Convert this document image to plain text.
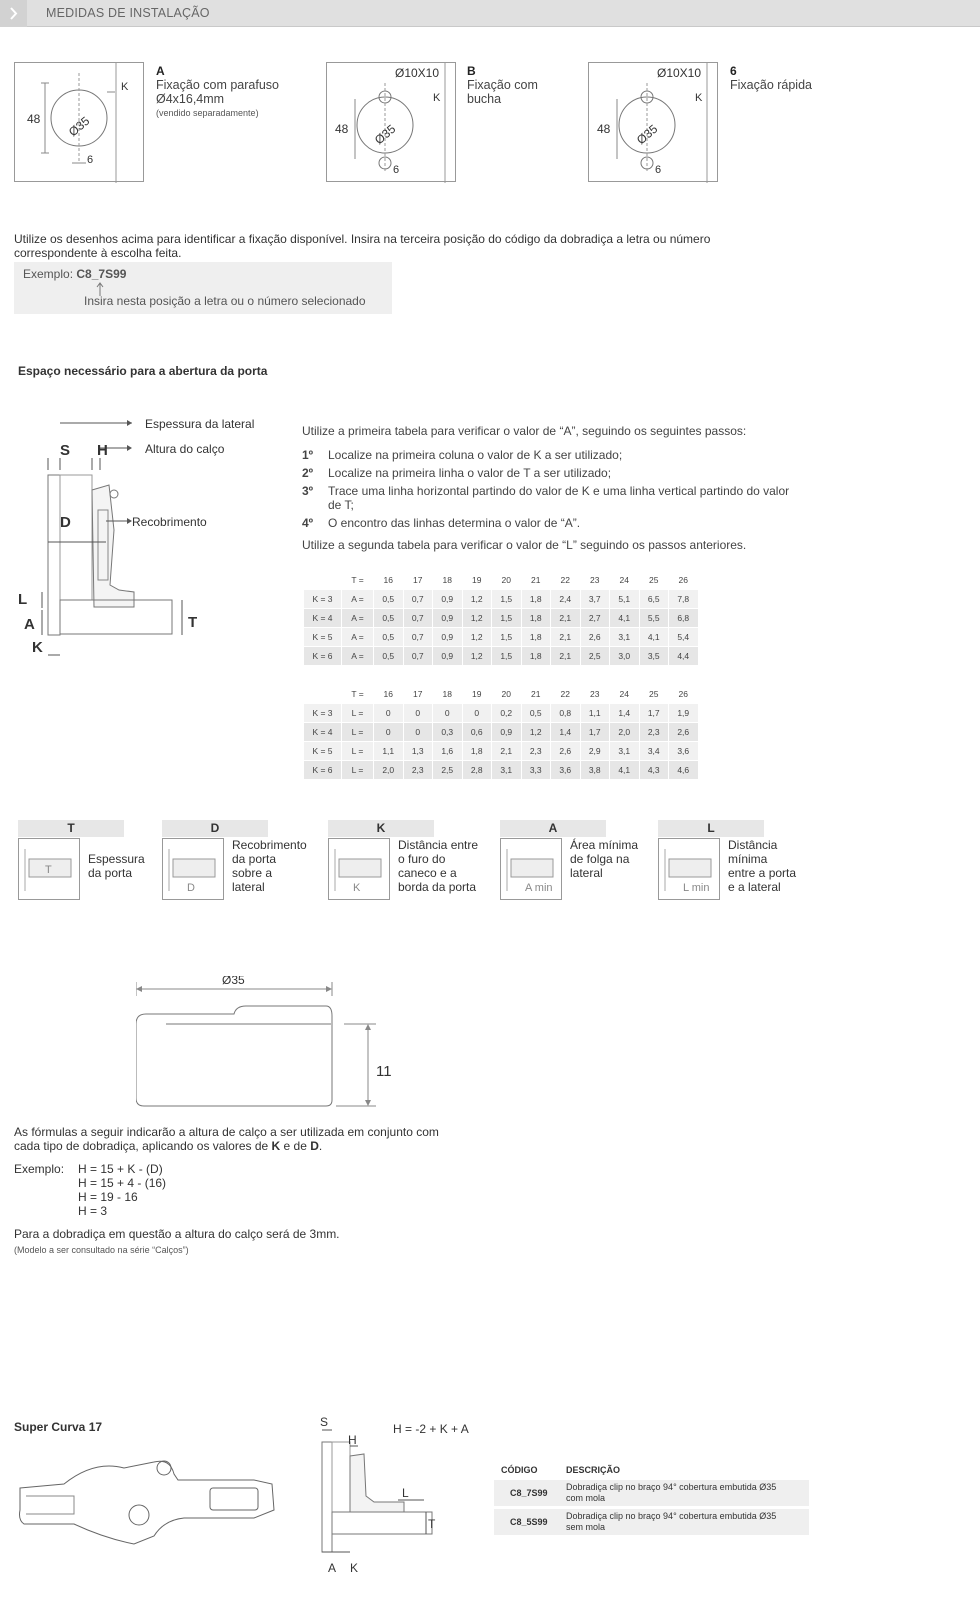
MEDIDAS DE INSTALAÇÃO
48 Ø35
K
6
A
Fixação com parafuso
Ø4x16,4mm
(vendido separadamente)
Ø10X10
48 Ø35
K
6
B
Fixação com
bucha
Ø10X10
48 Ø35
K
6
6
Fixação rápida
Utilize os desenhos acima para identificar a fixação disponível. Insira na terceira posição do código da dobradiça a letra ou número
correspondente à escolha feita.
Exemplo: C8_7S99
Insira nesta posição a letra ou o número selecionado
Espaço necessário para a abertura da porta
S H
D
L
A
K
T
Espessura da lateral
Altura do calço
Recobrimento
Utilize a primeira tabela para verificar o valor de “A”, seguindo os seguintes passos:
1º	Localize na primeira coluna o valor de K a ser utilizado;
2º	Localize na primeira linha o valor de T a ser utilizado;
3º	Trace uma linha horizontal partindo do valor de K e uma linha vertical partindo do valor de T;
4º	O encontro das linhas determina o valor de “A”.
Utilize a segunda tabela para verificar o valor de “L” seguindo os passos anteriores.
	T =	16	17	18	19	20	21	22	23	24	25	26
K = 3	A =	0,5	0,7	0,9	1,2	1,5	1,8	2,4	3,7	5,1	6,5	7,8
K = 4	A =	0,5	0,7	0,9	1,2	1,5	1,8	2,1	2,7	4,1	5,5	6,8
K = 5	A =	0,5	0,7	0,9	1,2	1,5	1,8	2,1	2,6	3,1	4,1	5,4
K = 6	A =	0,5	0,7	0,9	1,2	1,5	1,8	2,1	2,5	3,0	3,5	4,4
	T =	16	17	18	19	20	21	22	23	24	25	26
K = 3	L =	0	0	0	0	0,2	0,5	0,8	1,1	1,4	1,7	1,9
K = 4	L =	0	0	0,3	0,6	0,9	1,2	1,4	1,7	2,0	2,3	2,6
K = 5	L =	1,1	1,3	1,6	1,8	2,1	2,3	2,6	2,9	3,1	3,4	3,6
K = 6	L =	2,0	2,3	2,5	2,8	3,1	3,3	3,6	3,8	4,1	4,3	4,6
T
T
Espessura
da porta
D
D
Recobrimento
da porta
sobre a
lateral	K
K
Distância entre
o furo do
caneco e a
borda da porta	A min
A
Área mínima
de folga na
lateral
L min
L
Distância
mínima
entre a porta
e a lateral
Ø35
11
As fórmulas a seguir indicarão a altura de calço a ser utilizada em conjunto com
cada tipo de dobradiça, aplicando os valores de K e de D.
Exemplo:	H = 15 + K - (D)
H = 15 + 4 - (16)
H = 19 - 16
H = 3
Para a dobradiça em questão a altura do calço será de 3mm.
(Modelo a ser consultado na série “Calços”)
Super Curva 17	S
H
L
T
A K
H = -2 + K + A
CÓDIGO	DESCRIÇÃO
C8_7S99
Dobradiça clip no braço 94° cobertura embutida Ø35
com mola
C8_5S99
Dobradiça clip no braço 94° cobertura embutida Ø35
sem mola
